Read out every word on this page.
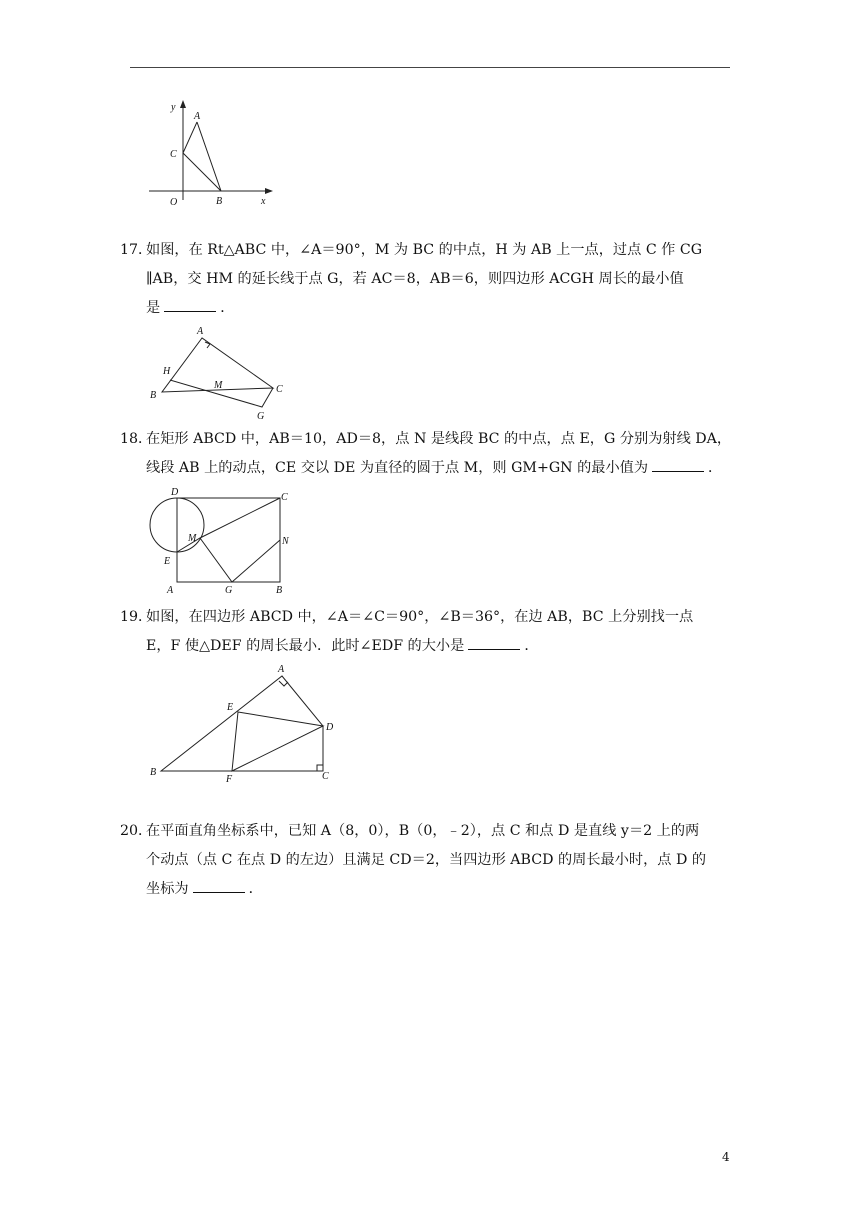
y
A
C
O	B	x
17．
如图，在 Rt△ABC 中，∠A＝90°，M 为 BC 的中点，H 为 AB 上一点，过点 C 作 CG
∥AB，交 HM 的延长线于点 G，若 AC＝8，AB＝6，则四边形 ACGH 周长的最小值
是	．
A
H
M
B
C
G
18．
在矩形 ABCD 中，AB＝10，AD＝8，点 N 是线段 BC 的中点，点 E，G 分别为射线 DA，
线段 AB 上的动点，CE 交以 DE 为直径的圆于点 M，则 GM+GN 的最小值为	．
D	C
M	N
E
A	G	B
19．
如图，在四边形 ABCD 中，∠A＝∠C＝90°，∠B＝36°，在边 AB，BC 上分别找一点
E，F 使△DEF 的周长最小．此时∠EDF 的大小是	．
A
E
D
B
F	C
20．
在平面直角坐标系中，已知 A（8，0），B（0，﹣2），点 C 和点 D 是直线 y＝2 上的两
个动点（点 C 在点 D 的左边）且满足 CD＝2，当四边形 ABCD 的周长最小时，点 D 的
坐标为	．
4
